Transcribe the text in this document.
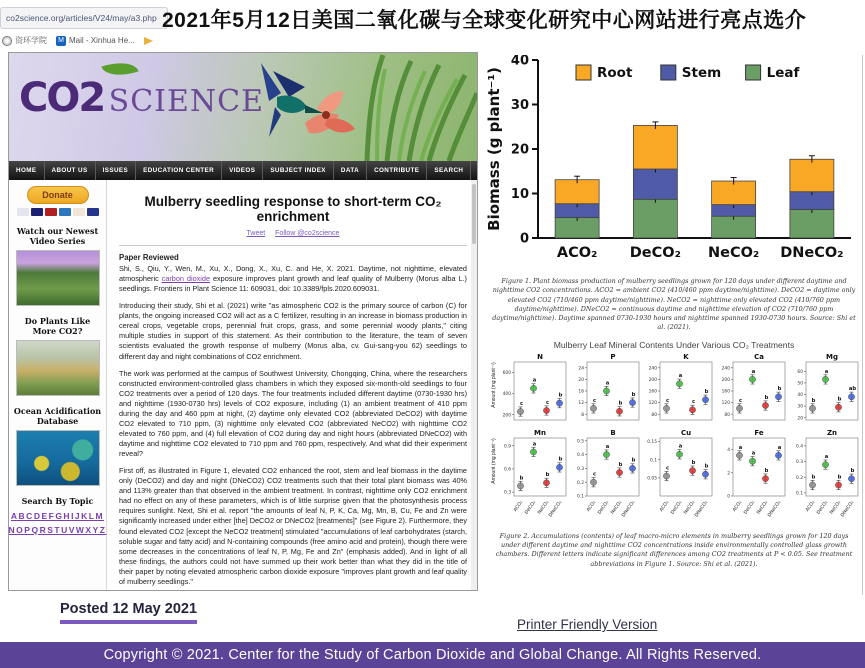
co2science.org/articles/V24/may/a3.php 2021年5月12日美国二氧化碳与全球变化研究中心网站进行亮点选介
资环学院 M Mail - Xinhua He...
CO2 SCIENCE
HOME	ABOUT US	ISSUES	EDUCATION CENTER	VIDEOS	SUBJECT INDEX	DATA	CONTRIBUTE	SEARCH
Donate
Watch our Newest Video Series
Do Plants Like More CO2?
Ocean Acidification Database
Search By Topic
ABCDEFGHIJKLM
NOPQRSTUVWXYZ
Mulberry seedling response to short-term CO₂ enrichment
Tweet Follow @co2science
Paper Reviewed
Shi, S., Qiu, Y., Wen, M., Xu, X., Dong, X., Xu, C. and He, X. 2021. Daytime, not nighttime, elevated atmospheric carbon dioxide exposure improves plant growth and leaf quality of Mulberry (Morus alba L.) seedlings. Frontiers in Plant Science 11: 609031, doi: 10.3389/fpls.2020.609031.
Introducing their study, Shi et al. (2021) write "as atmospheric CO2 is the primary source of carbon (C) for plants, the ongoing increased CO2 will act as a C fertilizer, resulting in an increase in biomass production in cereal crops, vegetable crops, perennial fruit crops, grass, and some perennial woody plants," citing multiple studies in support of this statement. As their contribution to the literature, the team of seven scientists evaluated the growth response of mulberry (Morus alba, cv. Gui-sang-you 62) seedlings to different day and night combinations of CO2 enrichment.
The work was performed at the campus of Southwest University, Chongqing, China, where the researchers constructed environment-controlled glass chambers in which they exposed six-month-old seedlings to four CO2 treatments over a period of 120 days. The four treatments included different daytime (0730-1930 hrs) and nighttime (1930-0730 hrs) levels of CO2 exposure, including (1) an ambient treatment of 410 ppm during the day and 460 ppm at night, (2) daytime only elevated CO2 (abbreviated DeCO2) with daytime CO2 elevated to 710 ppm, (3) nighttime only elevated CO2 (abbreviated NeCO2) with nighttime CO2 elevated to 760 ppm, and (4) full elevation of CO2 during day and night hours (abbreviated DNeCO2) with daytime and nighttime CO2 elevated to 710 ppm and 760 ppm, respectively. And what did their experiment reveal?
First off, as illustrated in Figure 1, elevated CO2 enhanced the root, stem and leaf biomass in the daytime only (DeCO2) and day and night (DNeCO2) CO2 treatments such that their total plant biomass was 40% and 113% greater than that observed in the ambient treatment. In contrast, nighttime only CO2 enrichment had no effect on any of these parameters, which is of little surprise given that the photosynthesis process requires sunlight. Next, Shi et al. report "the amounts of leaf N, P, K, Ca, Mg, Mn, B, Cu, Fe and Zn were significantly increased under either [the] DeCO2 or DNeCO2 [treatments]" (see Figure 2). Furthermore, they found elevated CO2 [except the NeCO2 treatment] stimulated "accumulations of leaf carbohydrates (starch, soluble sugar and fatty acid) and N-containing compounds (free amino acid and protein), though there were some decreases in the concentrations of leaf N, P, Mg, Fe and Zn" (emphasis added). And in light of all these findings, the authors could not have summed up their work better than what they did in the title of their paper by noting elevated atmospheric carbon dioxide exposure "improves plant growth and leaf quality of mulberry seedlings."
0
10
20
30
40
Biomass (g plant⁻¹)
ACO₂ DeCO₂ NeCO₂ DNeCO₂
Root	Stem	Leaf
Figure 1. Plant biomass production of mulberry seedlings grown for 120 days under different daytime and nighttime CO2 concentrations. ACO2 = ambient CO2 (410/460 ppm daytime/nighttime). DeCO2 = daytime only elevated CO2 (710/460 ppm daytime/nighttime). NeCO2 = nighttime only elevated CO2 (410/760 ppm daytime/nighttime). DNeCO2 = continuous daytime and nighttime elevation of CO2 (710/760 ppm daytime/nighttime). Daytime spanned 0730-1930 hours and nighttime spanned 1930-0730 hours. Source: Shi et al. (2021).
Mulberry Leaf Mineral Contents Under Various CO₂ Treatments
Amount (mg plant⁻¹)
N
200
400
600
c
a
c
b
P
8
12
16
20
24
c
a
b
b
K
80
120
160
200
240
c
a
c
b
Ca
80
120
160
200
240
c
a
b
b
Mg
20
30
40
50
60
b
a
b
ab
Amount (mg plant⁻¹)
Mn
0.3
0.6
0.9
b
ACO₂
a
DeCO₂
b
NeCO₂
b
DNeCO₂
B
0.1
0.2
0.3
0.4
0.5
c
ACO₂
a
DeCO₂
b
NeCO₂
b
DNeCO₂
Cu
0.05
0.1
0.15
c
ACO₂
a
DeCO₂
b
NeCO₂
b
DNeCO₂
Fe
0
2
4 a
ACO₂
a
DeCO₂
b
NeCO₂
a
DNeCO₂
Zn
0.1
0.2
0.3
0.4
b
ACO₂
a
DeCO₂
b
NeCO₂
b
DNeCO₂
Figure 2. Accumulations (contents) of leaf macro-micro elements in mulberry seedlings grown for 120 days under different daytime and nighttime CO2 concentrations inside environmentally controlled glass growth chambers. Different letters indicate significant differences among CO2 treatments at P < 0.05. See treatment abbreviations in Figure 1. Source: Shi et al. (2021).
Posted 12 May 2021
Printer Friendly Version
Copyright © 2021. Center for the Study of Carbon Dioxide and Global Change. All Rights Reserved.
